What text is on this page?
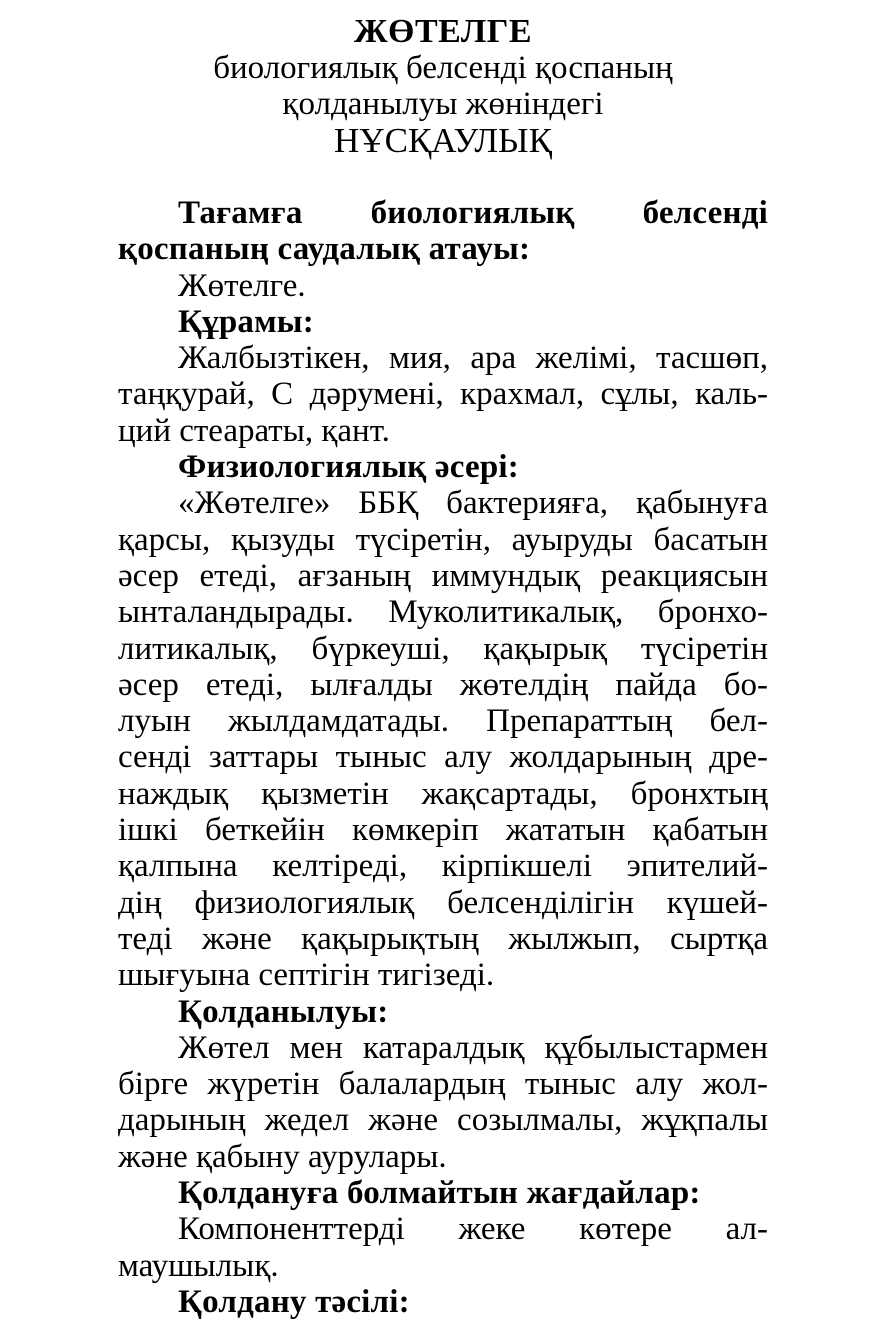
ЖӨТЕЛГЕ
биологиялық белсенді қоспаның
қолданылуы жөніндегі
НҰСҚАУЛЫҚ
Тағамға биологиялық белсенді
қоспаның саудалық атауы:
Жөтелге.
Құрамы:
Жалбызтікен, мия, ара желімі, тасшөп,
таңқурай, С дәрумені, крахмал, сұлы, каль-
ций стеараты, қант.
Физиологиялық әсері:
«Жөтелге» ББҚ бактерияға, қабынуға
қарсы, қызуды түсіретін, ауыруды басатын
әсер етеді, ағзаның иммундық реакциясын
ынталандырады. Муколитикалық, бронхо-
литикалық, бүркеуші, қақырық түсіретін
әсер етеді, ылғалды жөтелдің пайда бо-
луын жылдамдатады. Препараттың бел-
сенді заттары тыныс алу жолдарының дре-
наждық қызметін жақсартады, бронхтың
ішкі беткейін көмкеріп жататын қабатын
қалпына келтіреді, кірпікшелі эпителий-
дің физиологиялық белсенділігін күшей-
теді және қақырықтың жылжып, сыртқа
шығуына септігін тигізеді.
Қолданылуы:
Жөтел мен катаралдық құбылыстармен
бірге жүретін балалардың тыныс алу жол-
дарының жедел және созылмалы, жұқпалы
және қабыну аурулары.
Қолдануға болмайтын жағдайлар:
Компоненттерді жеке көтере ал-
маушылық.
Қолдану тәсілі:
